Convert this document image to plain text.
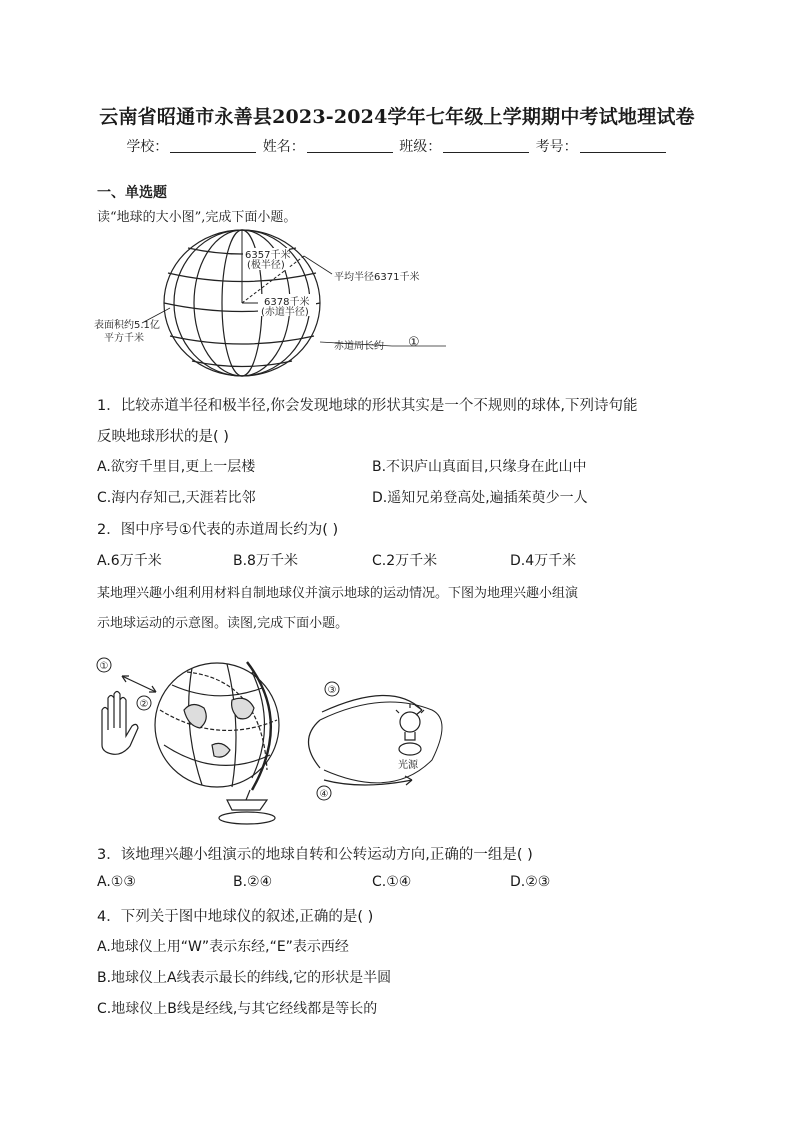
云南省昭通市永善县2023-2024学年七年级上学期期中考试地理试卷
学校：	姓名：	班级：	考号：
一、单选题
读“地球的大小图”,完成下面小题。
6357千米
(极半径)
平均半径6371千米
6378千米
(赤道半径)
表面积约5.1亿
平方千米
赤道周长约 ①
1．比较赤道半径和极半径,你会发现地球的形状其实是一个不规则的球体,下列诗句能
反映地球形状的是( )
A.欲穷千里目,更上一层楼	B.不识庐山真面目,只缘身在此山中
C.海内存知己,天涯若比邻	D.遥知兄弟登高处,遍插茱萸少一人
2．图中序号①代表的赤道周长约为( )
A.6万千米	B.8万千米	C.2万千米	D.4万千米
某地理兴趣小组利用材料自制地球仪并演示地球的运动情况。下图为地理兴趣小组演
示地球运动的示意图。读图,完成下面小题。
①
②
③
④
光源
3．该地理兴趣小组演示的地球自转和公转运动方向,正确的一组是( )
A.①③	B.②④	C.①④	D.②③
4．下列关于图中地球仪的叙述,正确的是( )
A.地球仪上用“W”表示东经,“E”表示西经
B.地球仪上A线表示最长的纬线,它的形状是半圆
C.地球仪上B线是经线,与其它经线都是等长的
